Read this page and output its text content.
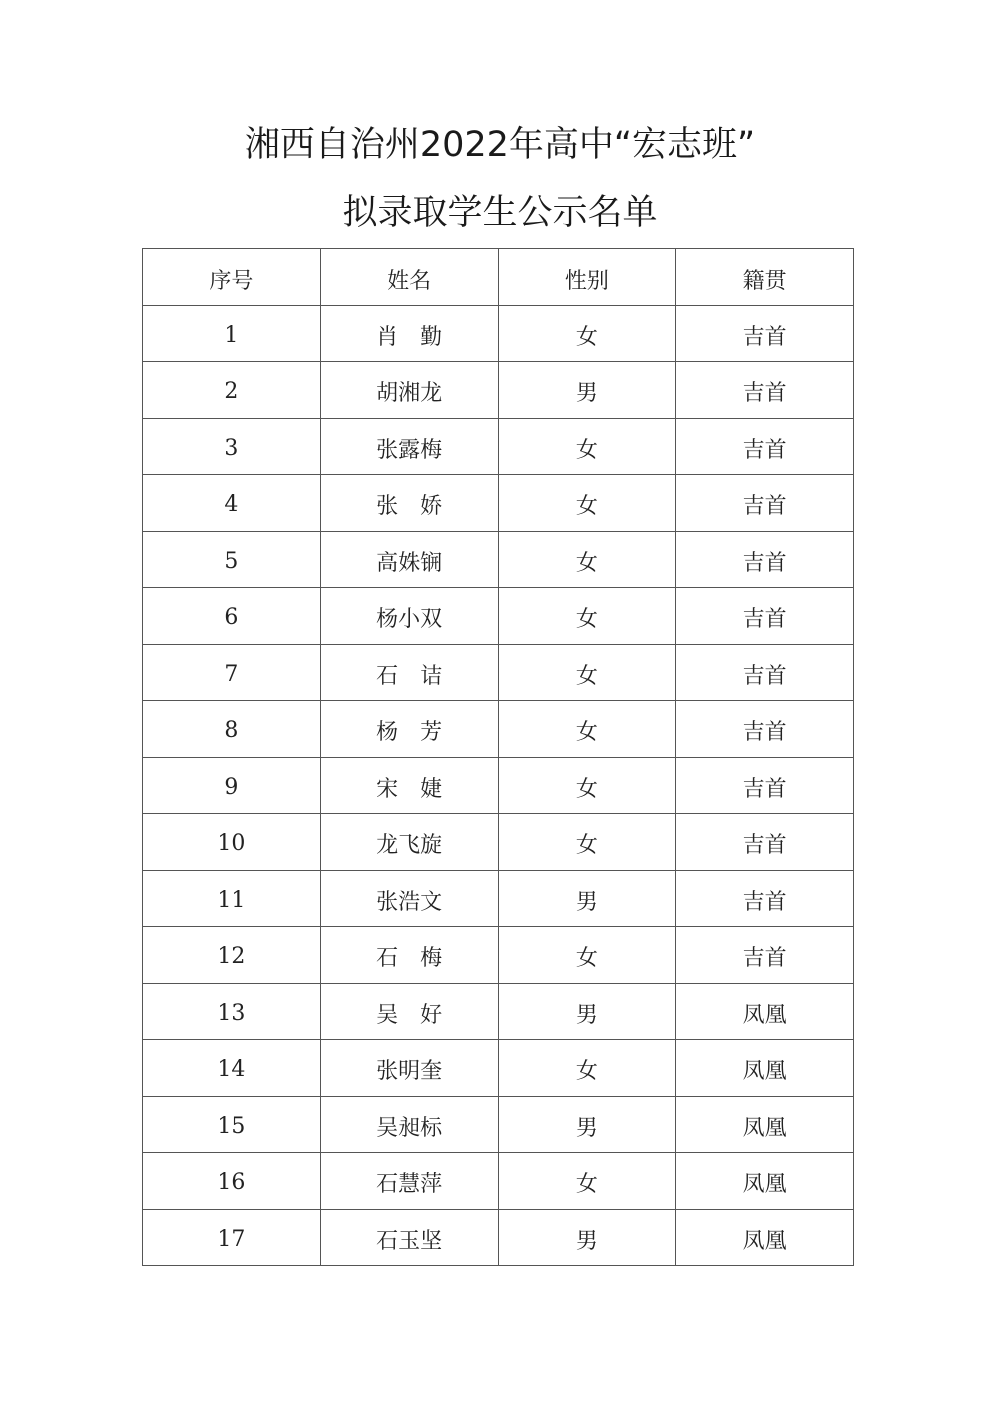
湘西自治州2022年高中“宏志班”
拟录取学生公示名单
序号	姓名	性别	籍贯
1	肖　勤	女	吉首
2	胡湘龙	男	吉首
3	张露梅	女	吉首
4	张　娇	女	吉首
5	高姝锎	女	吉首
6	杨小双	女	吉首
7	石　诘	女	吉首
8	杨　芳	女	吉首
9	宋　婕	女	吉首
10	龙飞旋	女	吉首
11	张浩文	男	吉首
12	石　梅	女	吉首
13	吴　好	男	凤凰
14	张明奎	女	凤凰
15	吴昶标	男	凤凰
16	石慧萍	女	凤凰
17	石玉坚	男	凤凰
